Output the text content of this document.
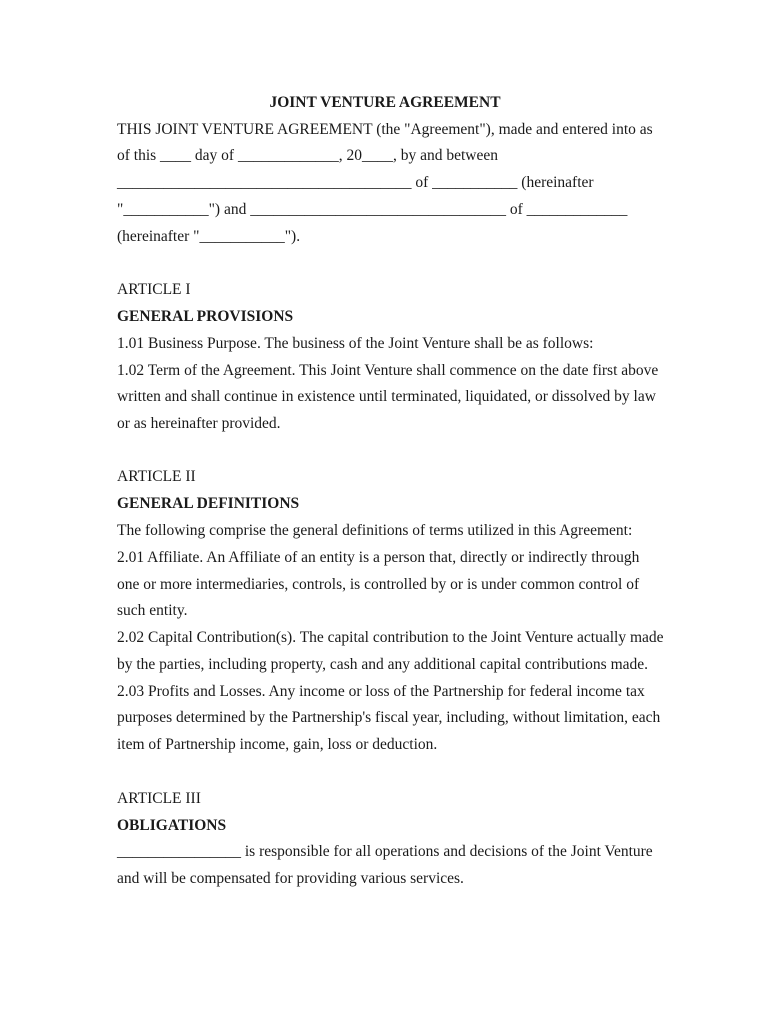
JOINT VENTURE AGREEMENT
THIS JOINT VENTURE AGREEMENT (the "Agreement"), made and entered into as
of this ____ day of _____________, 20____, by and between
______________________________________ of ___________ (hereinafter
"___________") and _________________________________ of _____________
(hereinafter "___________").
ARTICLE I
GENERAL PROVISIONS
1.01 Business Purpose. The business of the Joint Venture shall be as follows:
1.02 Term of the Agreement. This Joint Venture shall commence on the date first above
written and shall continue in existence until terminated, liquidated, or dissolved by law
or as hereinafter provided.
ARTICLE II
GENERAL DEFINITIONS
The following comprise the general definitions of terms utilized in this Agreement:
2.01 Affiliate. An Affiliate of an entity is a person that, directly or indirectly through
one or more intermediaries, controls, is controlled by or is under common control of
such entity.
2.02 Capital Contribution(s). The capital contribution to the Joint Venture actually made
by the parties, including property, cash and any additional capital contributions made.
2.03 Profits and Losses. Any income or loss of the Partnership for federal income tax
purposes determined by the Partnership's fiscal year, including, without limitation, each
item of Partnership income, gain, loss or deduction.
ARTICLE III
OBLIGATIONS
________________ is responsible for all operations and decisions of the Joint Venture
and will be compensated for providing various services.
